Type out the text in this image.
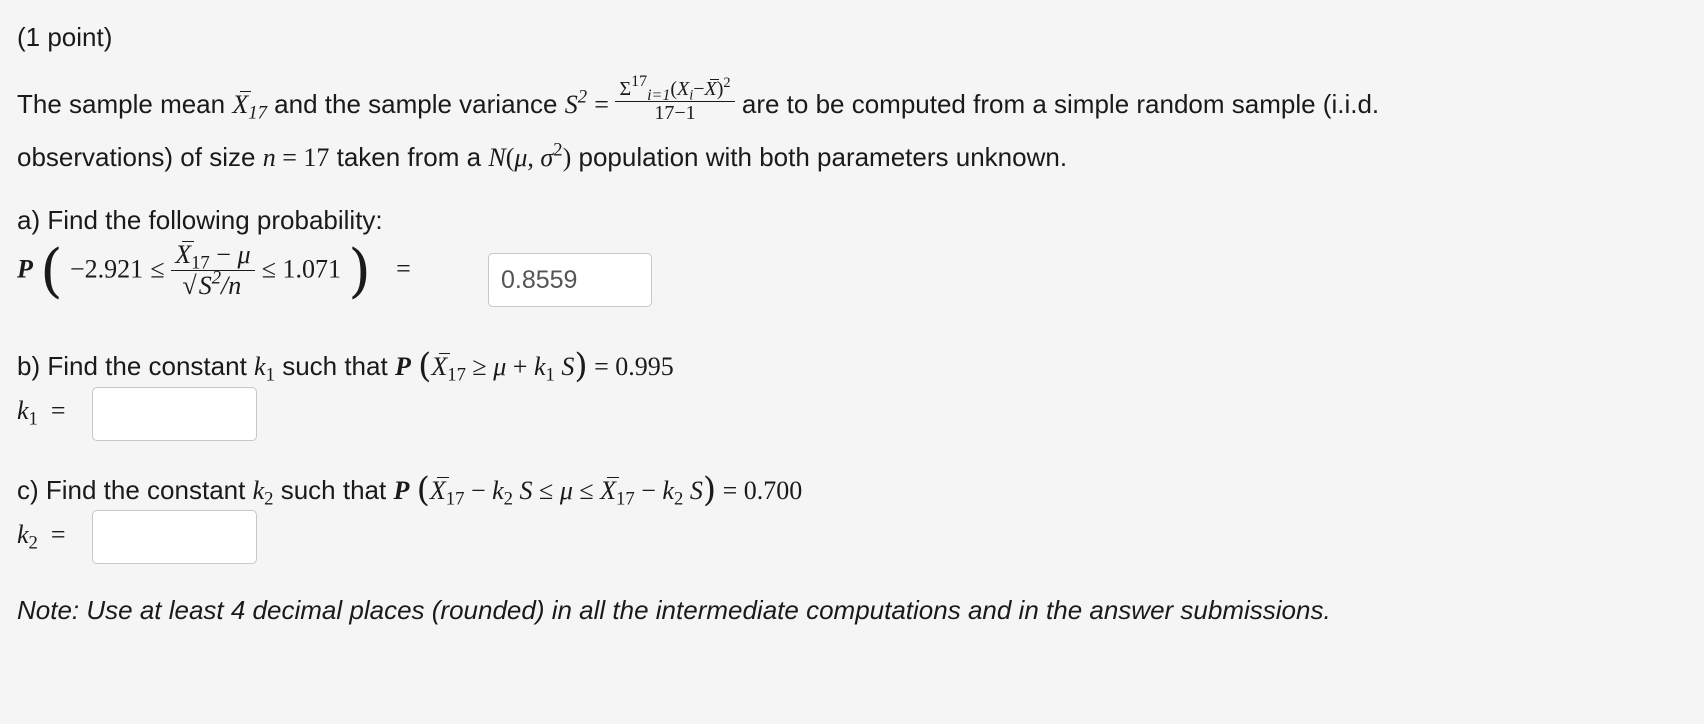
(1 point)
The sample mean $X_{17}$ and the sample variance $S^2 = \frac{\Sigma^{17}_{i=1}(X_i-X)^2}{17-1}$ are to be computed from a simple random sample (i.i.d.
observations) of size n = 17 taken from a N(μ, $\sigma^2$) population with both parameters unknown.
a) Find the following probability:
P ( $-2.921 \le \frac{X_{17} - \mu}{√S^2/n} \le 1.071$ ) =
0.8559
b) Find the constant $k_1$ such that P ($X_{17} \ge \mu + k_1$ S) = 0.995
$k_1$  =
c) Find the constant $k_2$ such that P ($X_{17} - k_2$ $S \le \mu \le X_{17} - k_2$ S) = 0.700
$k_2$  =
Note: Use at least 4 decimal places (rounded) in all the intermediate computations and in the answer submissions.
